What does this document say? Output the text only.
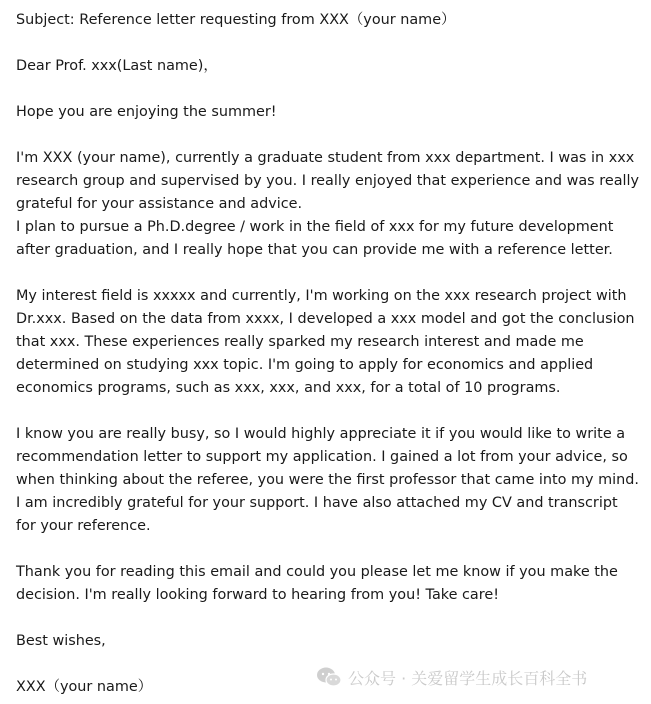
Subject: Reference letter requesting from XXX（your name）

Dear Prof. xxx(Last name)，

Hope you are enjoying the summer!

I'm XXX (your name), currently a graduate student from xxx department. I was in xxx research group and supervised by you. I really enjoyed that experience and was really grateful for your assistance and advice.

I plan to pursue a Ph.D.degree / work in the field of xxx for my future development after graduation, and I really hope that you can provide me with a reference letter.

My interest field is xxxxx and currently, I'm working on the xxx research project with Dr.xxx. Based on the data from xxxx, I developed a xxx model and got the conclusion that xxx. These experiences really sparked my research interest and made me determined on studying xxx topic. I'm going to apply for economics and applied economics programs, such as xxx, xxx, and xxx, for a total of 10 programs.

I know you are really busy, so I would highly appreciate it if you would like to write a recommendation letter to support my application. I gained a lot from your advice, so when thinking about the referee, you were the first professor that came into my mind. I am incredibly grateful for your support. I have also attached my CV and transcript for your reference.

Thank you for reading this email and could you please let me know if you make the decision. I'm really looking forward to hearing from you! Take care!

Best wishes,

XXX（your name）	公众号 · 关爱留学生成长百科全书
